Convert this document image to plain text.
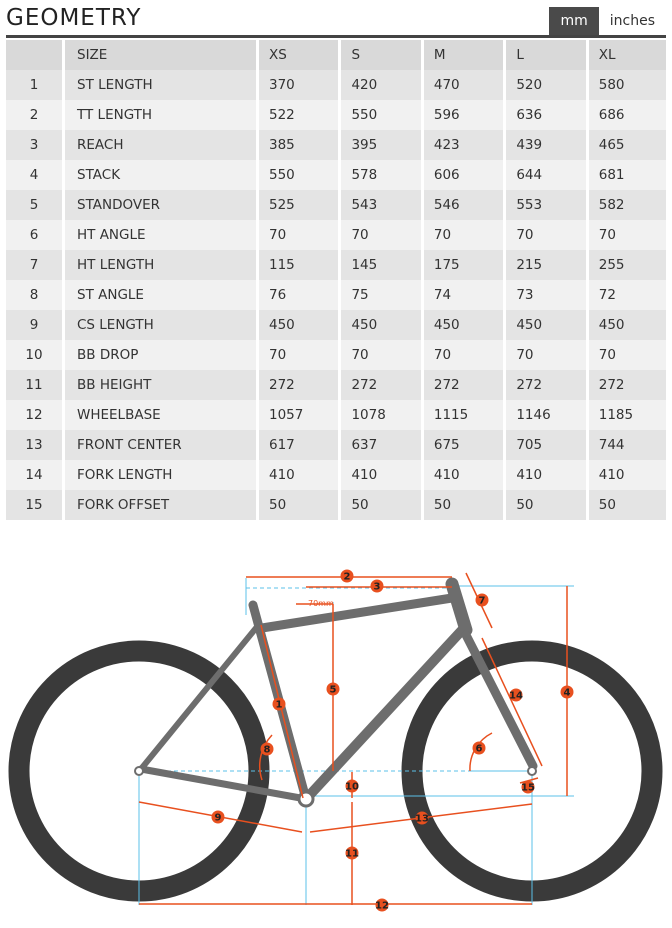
GEOMETRY	mm	inches
	SIZE	XS	S	M	L	XL
1	ST LENGTH	370	420	470	520	580
2	TT LENGTH	522	550	596	636	686
3	REACH	385	395	423	439	465
4	STACK	550	578	606	644	681
5	STANDOVER	525	543	546	553	582
6	HT ANGLE	70	70	70	70	70
7	HT LENGTH	115	145	175	215	255
8	ST ANGLE	76	75	74	73	72
9	CS LENGTH	450	450	450	450	450
10	BB DROP	70	70	70	70	70
11	BB HEIGHT	272	272	272	272	272
12	WHEELBASE	1057	1078	1115	1146	1185
13	FRONT CENTER	617	637	675	705	744
14	FORK LENGTH	410	410	410	410	410
15	FORK OFFSET	50	50	50	50	50
70mm
1
2
3
4
5
6
7
8
9
10
11
12
13
14
15
